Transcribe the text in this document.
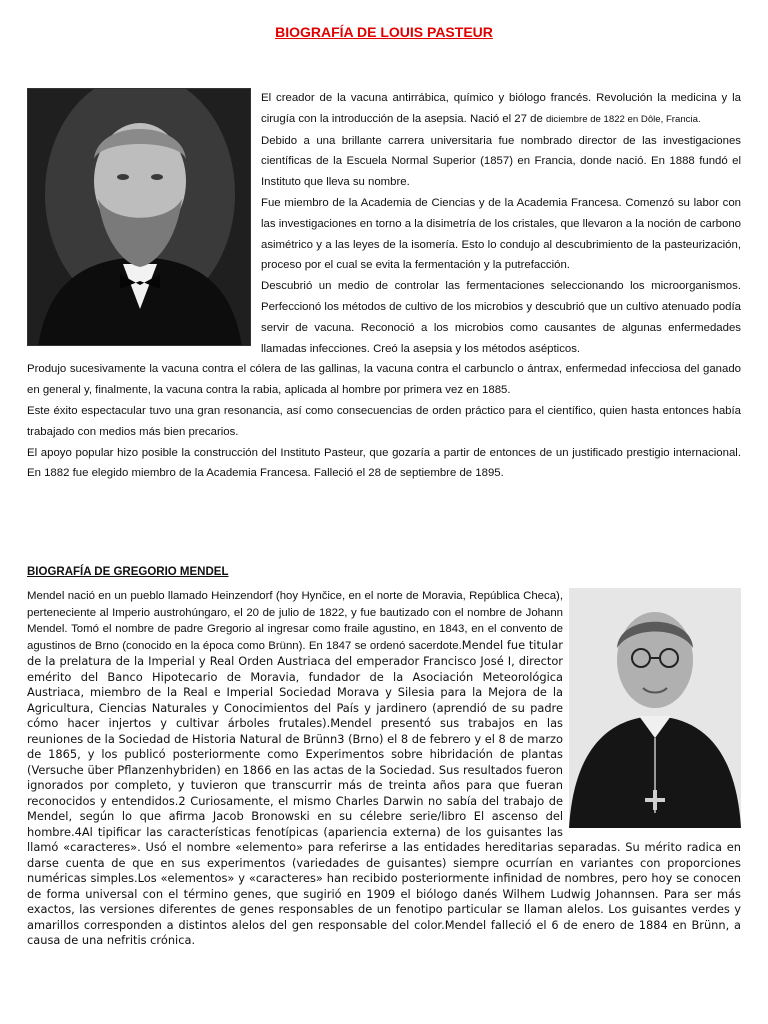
BIOGRAFÍA DE LOUIS PASTEUR

El creador de la vacuna antirrábica, químico y biólogo francés. Revolución la medicina y la cirugía con la introducción de la asepsia. Nació el 27 de diciembre de 1822 en Dôle, Francia.
Debido a una brillante carrera universitaria fue nombrado director de las investigaciones científicas de la Escuela Normal Superior (1857) en Francia, donde nació. En 1888 fundó el Instituto que lleva su nombre.
Fue miembro de la Academia de Ciencias y de la Academia Francesa. Comenzó su labor con las investigaciones en torno a la disimetría de los cristales, que llevaron a la noción de carbono asimétrico y a las leyes de la isomería. Esto lo condujo al descubrimiento de la pasteurización, proceso por el cual se evita la fermentación y la putrefacción.
Descubrió un medio de controlar las fermentaciones seleccionando los microorganismos. Perfeccionó los métodos de cultivo de los microbios y descubrió que un cultivo atenuado podía servir de vacuna. Reconoció a los microbios como causantes de algunas enfermedades llamadas infecciones. Creó la asepsia y los métodos asépticos.
Produjo sucesivamente la vacuna contra el cólera de las gallinas, la vacuna contra el carbunclo o ántrax, enfermedad infecciosa del ganado en general y, finalmente, la vacuna contra la rabia, aplicada al hombre por primera vez en 1885.
Este éxito espectacular tuvo una gran resonancia, así como consecuencias de orden práctico para el científico, quien hasta entonces había trabajado con medios más bien precarios.
El apoyo popular hizo posible la construcción del Instituto Pasteur, que gozaría a partir de entonces de un justificado prestigio internacional. En 1882 fue elegido miembro de la Academia Francesa. Falleció el 28 de septiembre de 1895.

BIOGRAFÍA DE GREGORIO MENDEL

Mendel nació en un pueblo llamado Heinzendorf (hoy Hynčice, en el norte de Moravia, República Checa), perteneciente al Imperio austrohúngaro, el 20 de julio de 1822, y fue bautizado con el nombre de Johann Mendel. Tomó el nombre de padre Gregorio al ingresar como fraile agustino, en 1843, en el convento de agustinos de Brno (conocido en la época como Brünn). En 1847 se ordenó sacerdote.Mendel fue titular de la prelatura de la Imperial y Real Orden Austriaca del emperador Francisco José I, director emérito del Banco Hipotecario de Moravia, fundador de la Asociación Meteorológica Austriaca, miembro de la Real e Imperial Sociedad Morava y Silesia para la Mejora de la Agricultura, Ciencias Naturales y Conocimientos del País y jardinero (aprendió de su padre cómo hacer injertos y cultivar árboles frutales).Mendel presentó sus trabajos en las reuniones de la Sociedad de Historia Natural de Brünn3 (Brno) el 8 de febrero y el 8 de marzo de 1865, y los publicó posteriormente como Experimentos sobre hibridación de plantas (Versuche über Pflanzenhybriden) en 1866 en las actas de la Sociedad. Sus resultados fueron ignorados por completo, y tuvieron que transcurrir más de treinta años para que fueran reconocidos y entendidos.2 Curiosamente, el mismo Charles Darwin no sabía del trabajo de Mendel, según lo que afirma Jacob Bronowski en su célebre serie/libro El ascenso del hombre.4Al tipificar las características fenotípicas (apariencia externa) de los guisantes las llamó «caracteres». Usó el nombre «elemento» para referirse a las entidades hereditarias separadas. Su mérito radica en darse cuenta de que en sus experimentos (variedades de guisantes) siempre ocurrían en variantes con proporciones numéricas simples.Los «elementos» y «caracteres» han recibido posteriormente infinidad de nombres, pero hoy se conocen de forma universal con el término genes, que sugirió en 1909 el biólogo danés Wilhem Ludwig Johannsen. Para ser más exactos, las versiones diferentes de genes responsables de un fenotipo particular se llaman alelos. Los guisantes verdes y amarillos corresponden a distintos alelos del gen responsable del color.Mendel falleció el 6 de enero de 1884 en Brünn, a causa de una nefritis crónica.
